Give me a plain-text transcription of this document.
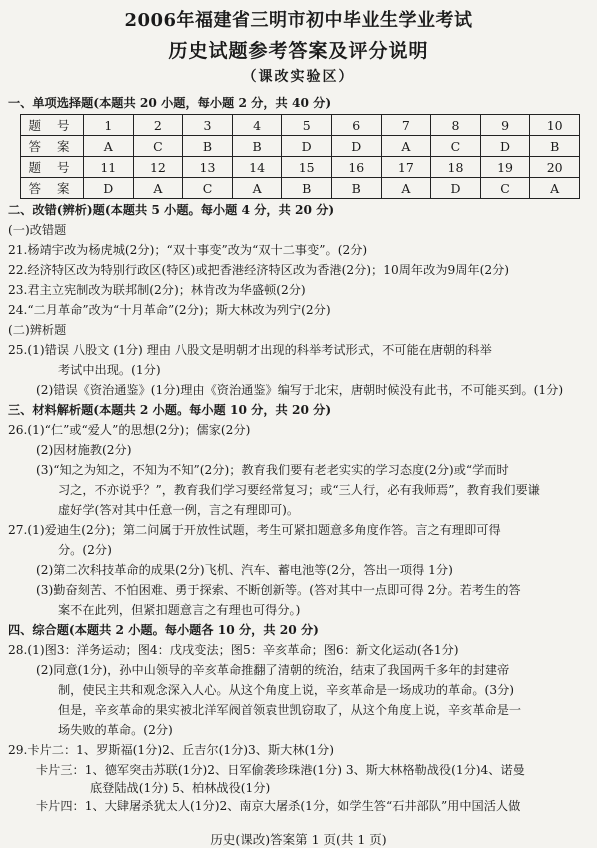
2006年福建省三明市初中毕业生学业考试
历史试题参考答案及评分说明
（课改实验区）
一、单项选择题(本题共 20 小题，每小题 2 分，共 40 分)
题 号	1	2	3	4	5	6	7	8	9	10
答 案	A	C	B	B	D	D	A	C	D	B
题 号	11	12	13	14	15	16	17	18	19	20
答 案	D	A	C	A	B	B	A	D	C	A
二、改错(辨析)题(本题共 5 小题。每小题 4 分，共 20 分)
(一)改错题
21.杨靖宇改为杨虎城(2分)；“双十事变”改为“双十二事变”。(2分)
22.经济特区改为特别行政区(特区)或把香港经济特区改为香港(2分)；10周年改为9周年(2分)
23.君主立宪制改为联邦制(2分)；林肯改为华盛顿(2分)
24.“二月革命”改为“十月革命”(2分)；斯大林改为列宁(2分)
(二)辨析题
25.(1)错误 八股文 (1分) 理由 八股文是明朝才出现的科举考试形式，不可能在唐朝的科举
考试中出现。(1分)
(2)错误《资治通鉴》(1分)理由《资治通鉴》编写于北宋，唐朝时候没有此书，不可能买到。(1分)
三、材料解析题(本题共 2 小题。每小题 10 分，共 20 分)
26.(1)“仁”或“爱人”的思想(2分)；儒家(2分)
(2)因材施教(2分)
(3)“知之为知之，不知为不知”(2分)；教育我们要有老老实实的学习态度(2分)或“学而时
习之，不亦说乎？”，教育我们学习要经常复习；或“三人行，必有我师焉”，教育我们要谦
虚好学(答对其中任意一例，言之有理即可)。
27.(1)爱迪生(2分)；第二问属于开放性试题，考生可紧扣题意多角度作答。言之有理即可得
分。(2分)
(2)第二次科技革命的成果(2分)飞机、汽车、蓄电池等(2分，答出一项得 1分)
(3)勤奋刻苦、不怕困难、勇于探索、不断创新等。(答对其中一点即可得 2分。若考生的答
案不在此列，但紧扣题意言之有理也可得分。)
四、综合题(本题共 2 小题。每小题各 10 分，共 20 分)
28.(1)图3：洋务运动；图4：戊戌变法；图5：辛亥革命；图6：新文化运动(各1分)
(2)同意(1分)，孙中山领导的辛亥革命推翻了清朝的统治，结束了我国两千多年的封建帝
制，使民主共和观念深入人心。从这个角度上说，辛亥革命是一场成功的革命。(3分)
但是，辛亥革命的果实被北洋军阀首领袁世凯窃取了，从这个角度上说，辛亥革命是一
场失败的革命。(2分)
29.卡片二：1、罗斯福(1分)2、丘吉尔(1分)3、斯大林(1分)
卡片三：1、德军突击苏联(1分)2、日军偷袭珍珠港(1分) 3、斯大林格勒战役(1分)4、诺曼
底登陆战(1分) 5、柏林战役(1分)
卡片四：1、大肆屠杀犹太人(1分)2、南京大屠杀(1分，如学生答“石井部队”用中国活人做
历史(课改)答案第 1 页(共 1 页)
